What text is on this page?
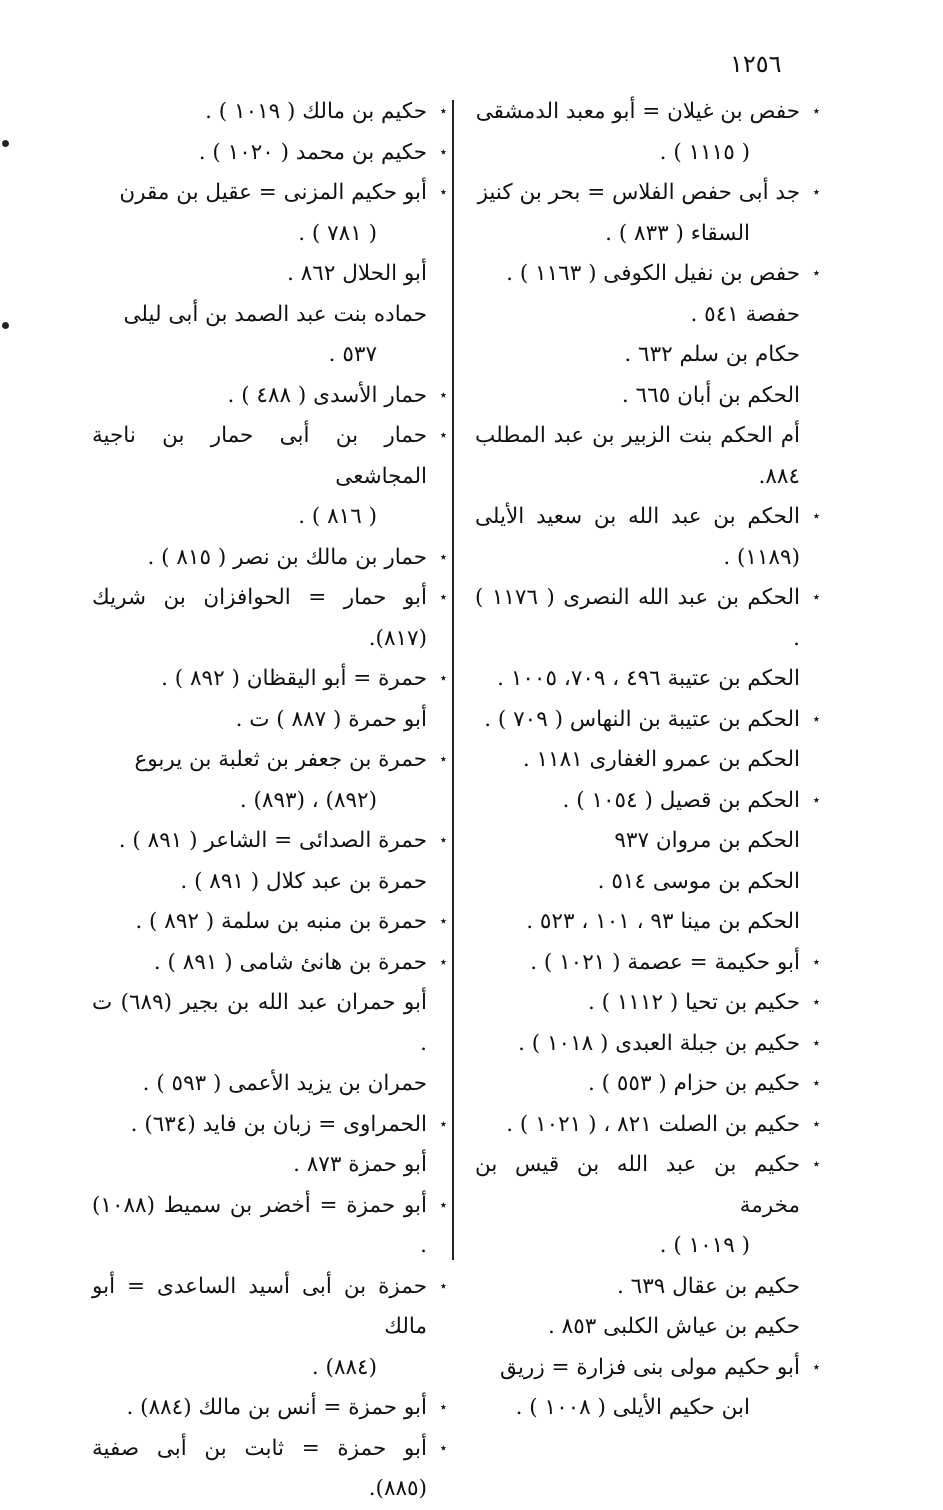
١٢٥٦
٭
حفص بن غيلان = أبو معبد الدمشقى
( ١١١٥ ) .
٭
جد أبى حفص الفلاس = بحر بن كنيز
السقاء ( ٨٣٣ ) .
٭
حفص بن نفيل الكوفى ( ١١٦٣ ) .
حفصة ٥٤١ .
حكام بن سلم ٦٣٢ .
الحكم بن أبان ٦٦٥ .
أم الحكم بنت الزبير بن عبد المطلب ٨٨٤.
٭
الحكم بن عبد الله بن سعيد الأيلى (١١٨٩) .
٭
الحكم بن عبد الله النصرى ( ١١٧٦ ) .
الحكم بن عتيبة ٤٩٦ ، ٧٠٩، ١٠٠٥ .
٭
الحكم بن عتيبة بن النهاس ( ٧٠٩ ) .
الحكم بن عمرو الغفارى ١١٨١ .
٭
الحكم بن قصيل ( ١٠٥٤ ) .
الحكم بن مروان ٩٣٧
الحكم بن موسى ٥١٤ .
الحكم بن مينا ٩٣ ، ١٠١ ، ٥٢٣ .
٭
أبو حكيمة = عصمة ( ١٠٢١ ) .
٭
حكيم بن تحيا ( ١١١٢ ) .
٭
حكيم بن جبلة العبدى ( ١٠١٨ ) .
٭
حكيم بن حزام ( ٥٥٣ ) .
٭
حكيم بن الصلت ٨٢١ ، ( ١٠٢١ ) .
٭
حكيم بن عبد الله بن قيس بن مخرمة
( ١٠١٩ ) .
حكيم بن عقال ٦٣٩ .
حكيم بن عياش الكلبى ٨٥٣ .
٭
أبو حكيم مولى بنى فزارة = زريق
ابن حكيم الأيلى ( ١٠٠٨ ) .
٭
حكيم بن مالك ( ١٠١٩ ) .
٭
حكيم بن محمد ( ١٠٢٠ ) .
٭
أبو حكيم المزنى = عقيل بن مقرن
( ٧٨١ ) .
أبو الحلال ٨٦٢ .
حماده بنت عبد الصمد بن أبى ليلى
٥٣٧ .
٭
حمار الأسدى ( ٤٨٨ ) .
٭
حمار بن أبى حمار بن ناجية المجاشعى
( ٨١٦ ) .
٭
حمار بن مالك بن نصر ( ٨١٥ ) .
٭
أبو حمار = الحوافزان بن شريك (٨١٧).
٭
حمرة = أبو اليقظان ( ٨٩٢ ) .
أبو حمرة ( ٨٨٧ ) ت .
٭
حمرة بن جعفر بن ثعلبة بن يربوع
(٨٩٢) ، (٨٩٣) .
٭
حمرة الصدائى = الشاعر ( ٨٩١ ) .
حمرة بن عبد كلال ( ٨٩١ ) .
٭
حمرة بن منبه بن سلمة ( ٨٩٢ ) .
٭
حمرة بن هانئ شامى ( ٨٩١ ) .
أبو حمران عبد الله بن بجير (٦٨٩) ت .
حمران بن يزيد الأعمى ( ٥٩٣ ) .
٭
الحمراوى = زبان بن فايد (٦٣٤) .
أبو حمزة ٨٧٣ .
٭
أبو حمزة = أخضر بن سميط (١٠٨٨) .
٭
حمزة بن أبى أسيد الساعدى = أبو مالك
(٨٨٤) .
٭
أبو حمزة = أنس بن مالك (٨٨٤) .
٭
أبو حمزة = ثابت بن أبى صفية (٨٨٥).
